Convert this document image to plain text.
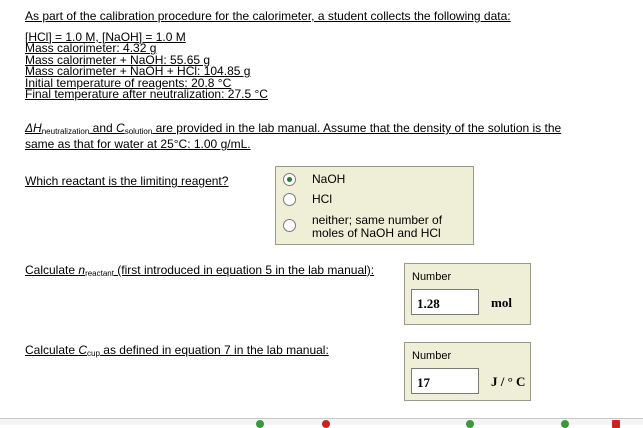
As part of the calibration procedure for the calorimeter, a student collects the following data:
[HCl] = 1.0 M, [NaOH] = 1.0 M
Mass calorimeter: 4.32 g
Mass calorimeter + NaOH: 55.65 g
Mass calorimeter + NaOH + HCl: 104.85 g
Initial temperature of reagents: 20.8 °C
Final temperature after neutralization: 27.5 °C
$\Delta H_{neutralization}$ and $C_{solution}$ are provided in the lab manual. Assume that the density of the solution is the
same as that for water at 25°C: 1.00 g/mL.
Which reactant is the limiting reagent?	NaOH
HCl
neither; same number of
moles of NaOH and HCl
Calculate $n_{reactant}$ (first introduced in equation 5 in the lab manual):	Number
1.28	mol
Calculate $C_{cup}$ as defined in equation 7 in the lab manual:	Number
17	J / ° C
